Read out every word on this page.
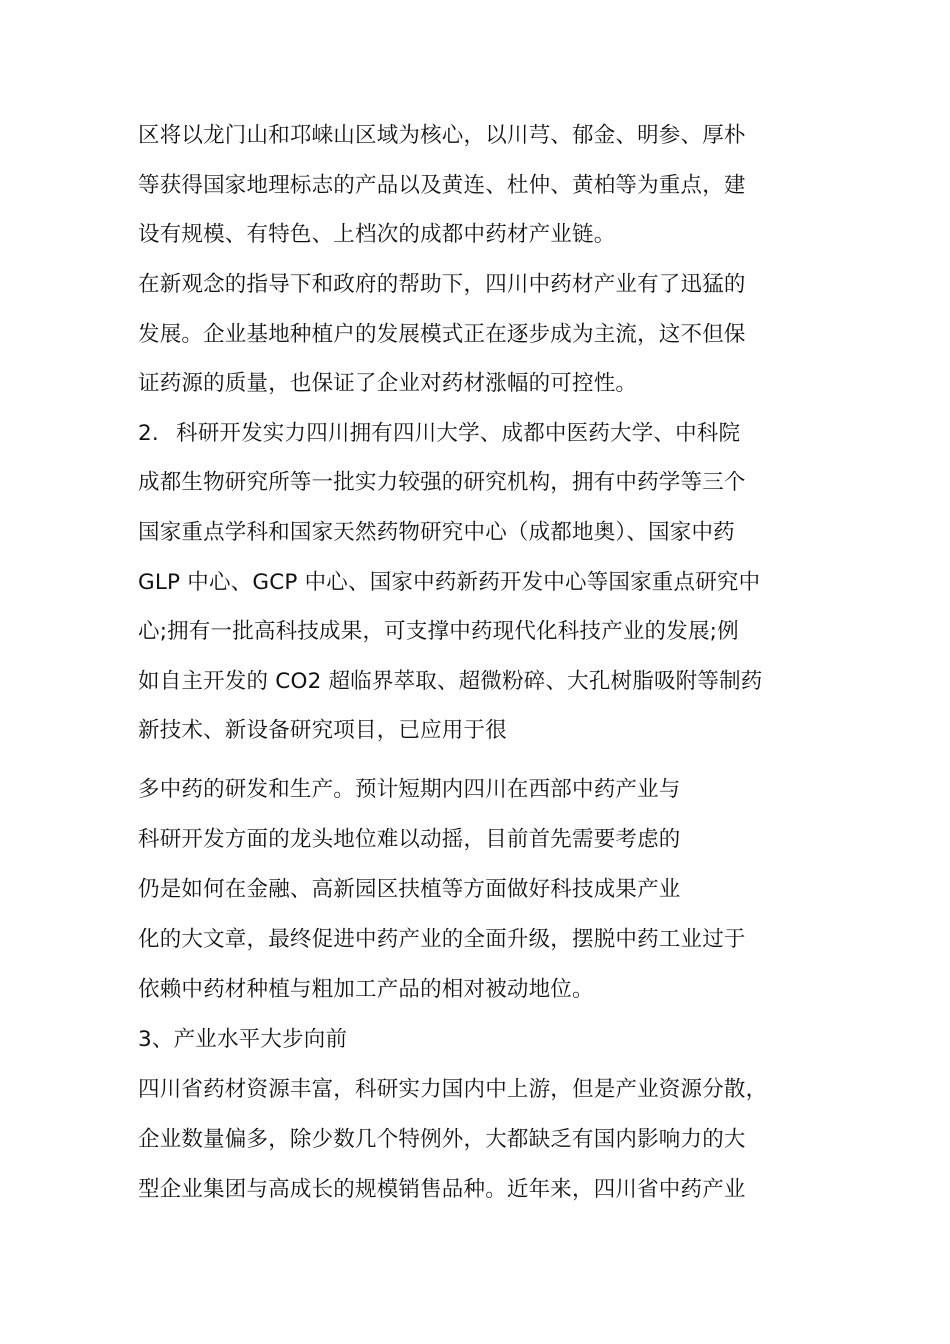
区将以龙门山和邛崃山区域为核心，以川芎、郁金、明参、厚朴
等获得国家地理标志的产品以及黄连、杜仲、黄柏等为重点，建
设有规模、有特色、上档次的成都中药材产业链。
在新观念的指导下和政府的帮助下，四川中药材产业有了迅猛的
发展。企业基地种植户的发展模式正在逐步成为主流，这不但保
证药源的质量，也保证了企业对药材涨幅的可控性。
2. 科研开发实力四川拥有四川大学、成都中医药大学、中科院
成都生物研究所等一批实力较强的研究机构，拥有中药学等三个
国家重点学科和国家天然药物研究中心（成都地奥）、国家中药
GLP 中心、GCP 中心、国家中药新药开发中心等国家重点研究中
心;拥有一批高科技成果，可支撑中药现代化科技产业的发展;例
如自主开发的 CO2 超临界萃取、超微粉碎、大孔树脂吸附等制药
新技术、新设备研究项目，已应用于很
多中药的研发和生产。预计短期内四川在西部中药产业与
科研开发方面的龙头地位难以动摇，目前首先需要考虑的
仍是如何在金融、高新园区扶植等方面做好科技成果产业
化的大文章，最终促进中药产业的全面升级，摆脱中药工业过于
依赖中药材种植与粗加工产品的相对被动地位。
3、产业水平大步向前
四川省药材资源丰富，科研实力国内中上游，但是产业资源分散，
企业数量偏多，除少数几个特例外，大都缺乏有国内影响力的大
型企业集团与高成长的规模销售品种。近年来，四川省中药产业
